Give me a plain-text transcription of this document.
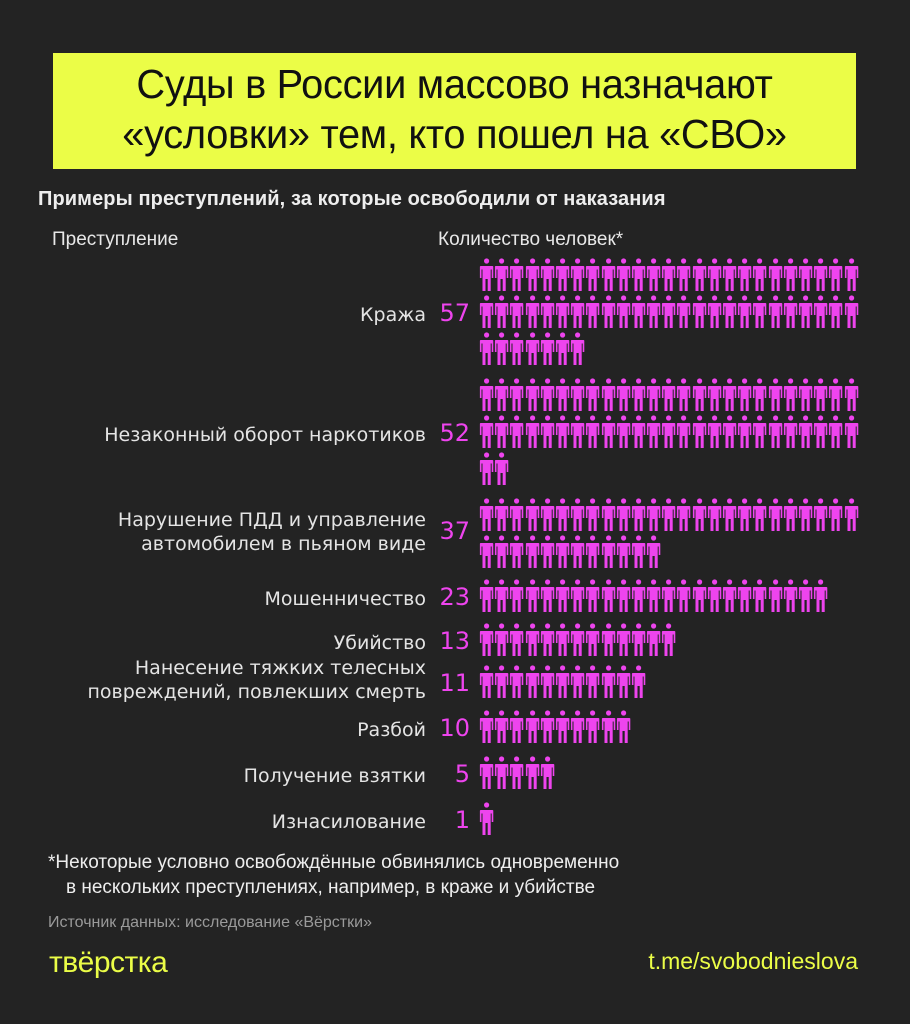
Суды в России массово назначают
«условки» тем, кто пошел на «СВО»
Примеры преступлений, за которые освободили от наказания
Преступление	Количество человек*
Кража 57
Незаконный оборот наркотиков 52
Нарушение ПДД и управление
автомобилем в пьяном виде 37
Мошенничество 23
Убийство 13
Нанесение тяжких телесных
повреждений, повлекших смерть 11
Разбой 10
Получение взятки	5
Изнасилование	1
*Некоторые условно освобождённые обвинялись одновременно
в нескольких преступлениях, например, в краже и убийстве
Источник данных: исследование «Вёрстки»
твёрстка	t.me/svobodnieslova
